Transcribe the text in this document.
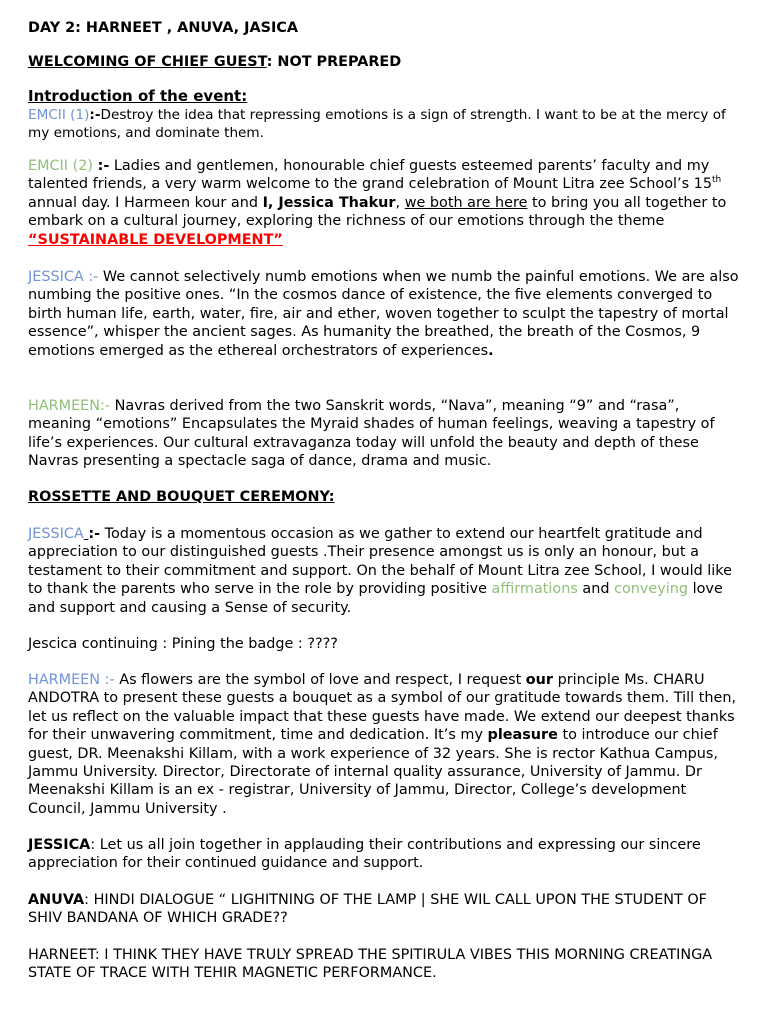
DAY 2: HARNEET , ANUVA, JASICA

WELCOMING OF CHIEF GUEST: NOT PREPARED

Introduction of the event:

EMCII (1):-Destroy the idea that repressing emotions is a sign of strength. I want to be at the mercy of my emotions, and dominate them.

EMCII (2) :- Ladies and gentlemen, honourable chief guests esteemed parents’ faculty and my talented friends, a very warm welcome to the grand celebration of Mount Litra zee School’s 15th annual day. I Harmeen kour and I, Jessica Thakur, we both are here to bring you all together to embark on a cultural journey, exploring the richness of our emotions through the theme “SUSTAINABLE DEVELOPMENT”

JESSICA :- We cannot selectively numb emotions when we numb the painful emotions. We are also numbing the positive ones. “In the cosmos dance of existence, the five elements converged to birth human life, earth, water, fire, air and ether, woven together to sculpt the tapestry of mortal essence”, whisper the ancient sages. As humanity the breathed, the breath of the Cosmos, 9 emotions emerged as the ethereal orchestrators of experiences.

HARMEEN:- Navras derived from the two Sanskrit words, “Nava”, meaning “9” and “rasa”, meaning “emotions” Encapsulates the Myraid shades of human feelings, weaving a tapestry of life’s experiences. Our cultural extravaganza today will unfold the beauty and depth of these Navras presenting a spectacle saga of dance, drama and music.

ROSSETTE AND BOUQUET CEREMONY:

JESSICA :- Today is a momentous occasion as we gather to extend our heartfelt gratitude and appreciation to our distinguished guests .Their presence amongst us is only an honour, but a testament to their commitment and support. On the behalf of Mount Litra zee School, I would like to thank the parents who serve in the role by providing positive affirmations and conveying love and support and causing a Sense of security.

Jescica continuing : Pining the badge : ????

HARMEEN :- As flowers are the symbol of love and respect, I request our principle Ms. CHARU ANDOTRA to present these guests a bouquet as a symbol of our gratitude towards them. Till then, let us reflect on the valuable impact that these guests have made. We extend our deepest thanks for their unwavering commitment, time and dedication. It’s my pleasure to introduce our chief guest, DR. Meenakshi Killam, with a work experience of 32 years. She is rector Kathua Campus, Jammu University. Director, Directorate of internal quality assurance, University of Jammu. Dr Meenakshi Killam is an ex - registrar, University of Jammu, Director, College’s development Council, Jammu University .

JESSICA: Let us all join together in applauding their contributions and expressing our sincere appreciation for their continued guidance and support.

ANUVA: HINDI DIALOGUE “ LIGHITNING OF THE LAMP | SHE WIL CALL UPON THE STUDENT OF SHIV BANDANA OF WHICH GRADE??

HARNEET: I THINK THEY HAVE TRULY SPREAD THE SPITIRULA VIBES THIS MORNING CREATINGA STATE OF TRACE WITH TEHIR MAGNETIC PERFORMANCE.
